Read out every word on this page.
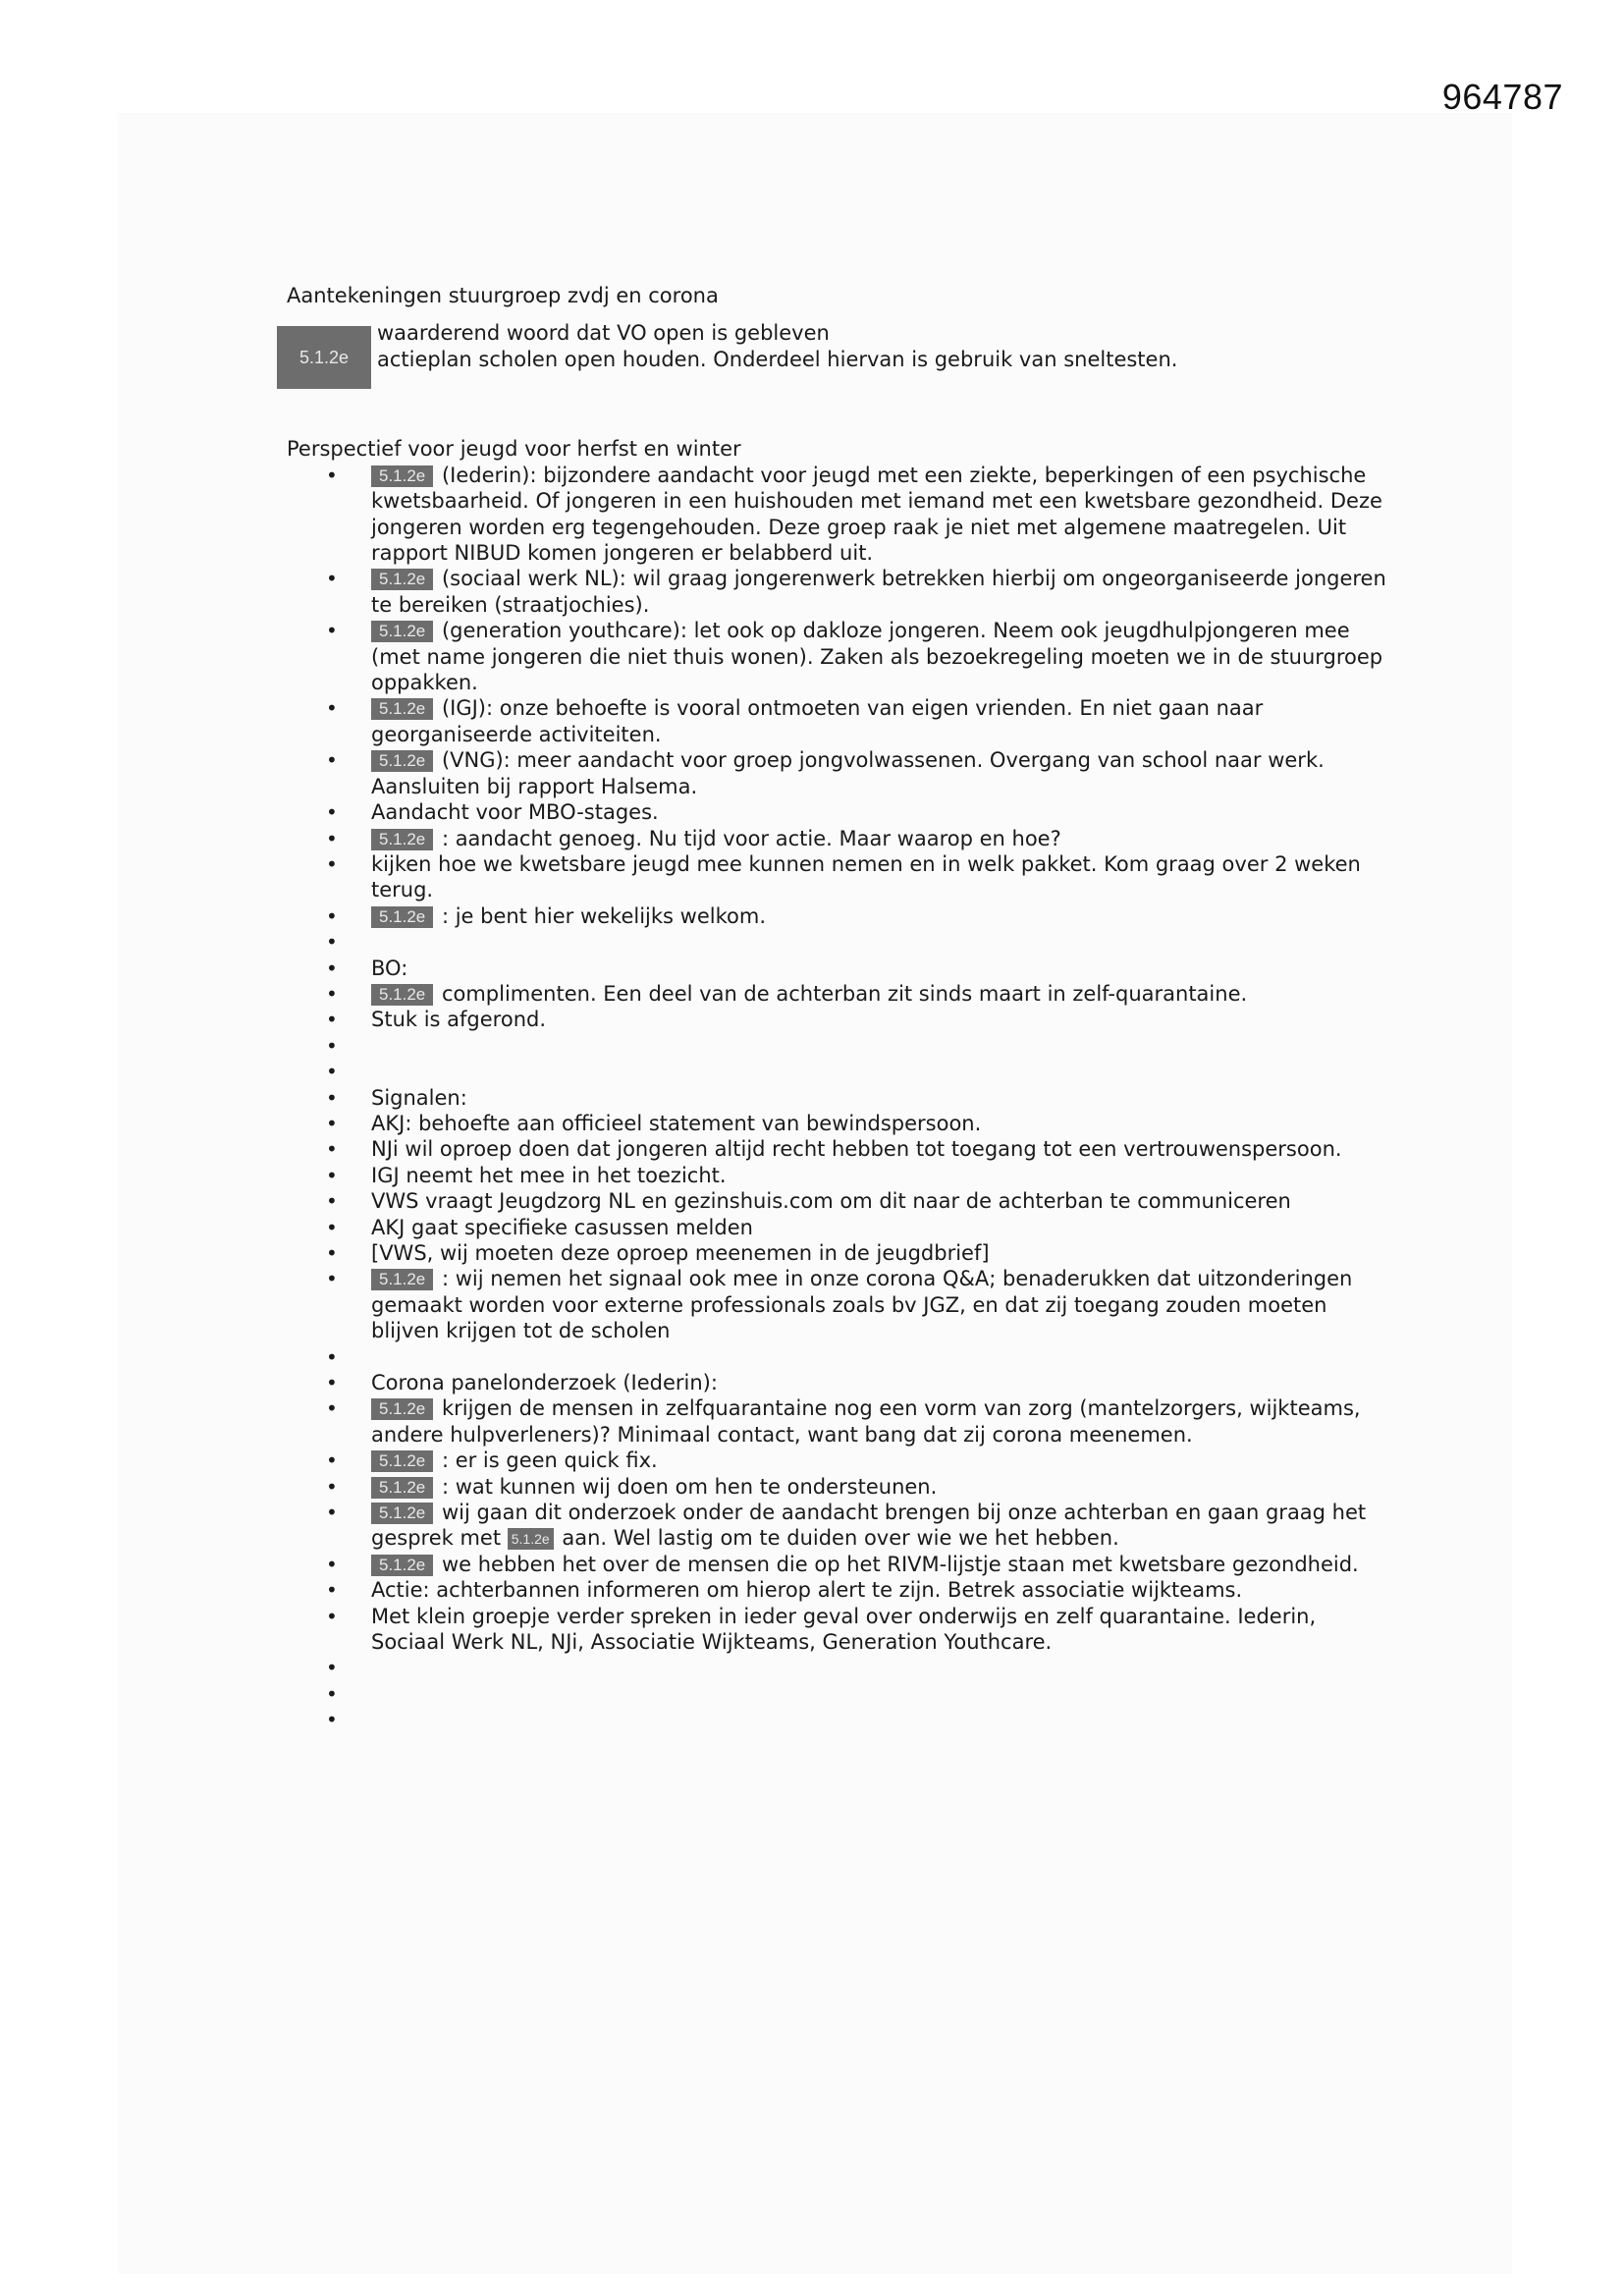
964787
Aantekeningen stuurgroep zvdj en corona
5.1.2e
waarderend woord dat VO open is gebleven
actieplan scholen open houden. Onderdeel hiervan is gebruik van sneltesten.
Perspectief voor jeugd voor herfst en winter
• 5.1.2e (Iederin): bijzondere aandacht voor jeugd met een ziekte, beperkingen of een psychische kwetsbaarheid. Of jongeren in een huishouden met iemand met een kwetsbare gezondheid. Deze jongeren worden erg tegengehouden. Deze groep raak je niet met algemene maatregelen. Uit rapport NIBUD komen jongeren er belabberd uit.
• 5.1.2e (sociaal werk NL): wil graag jongerenwerk betrekken hierbij om ongeorganiseerde jongeren te bereiken (straatjochies).
• 5.1.2e (generation youthcare): let ook op dakloze jongeren. Neem ook jeugdhulpjongeren mee (met name jongeren die niet thuis wonen). Zaken als bezoekregeling moeten we in de stuurgroep oppakken.
• 5.1.2e (IGJ): onze behoefte is vooral ontmoeten van eigen vrienden. En niet gaan naar georganiseerde activiteiten.
• 5.1.2e (VNG): meer aandacht voor groep jongvolwassenen. Overgang van school naar werk. Aansluiten bij rapport Halsema.
• Aandacht voor MBO-stages.
• 5.1.2e : aandacht genoeg. Nu tijd voor actie. Maar waarop en hoe?
• kijken hoe we kwetsbare jeugd mee kunnen nemen en in welk pakket. Kom graag over 2 weken terug.
• 5.1.2e : je bent hier wekelijks welkom.
•
• BO:
• 5.1.2e complimenten. Een deel van de achterban zit sinds maart in zelf-quarantaine.
• Stuk is afgerond.
•
•
• Signalen:
• AKJ: behoefte aan officieel statement van bewindspersoon.
• NJi wil oproep doen dat jongeren altijd recht hebben tot toegang tot een vertrouwenspersoon.
• IGJ neemt het mee in het toezicht.
• VWS vraagt Jeugdzorg NL en gezinshuis.com om dit naar de achterban te communiceren
• AKJ gaat specifieke casussen melden
• [VWS, wij moeten deze oproep meenemen in de jeugdbrief]
• 5.1.2e : wij nemen het signaal ook mee in onze corona Q&A; benaderukken dat uitzonderingen gemaakt worden voor externe professionals zoals bv JGZ, en dat zij toegang zouden moeten blijven krijgen tot de scholen
•
• Corona panelonderzoek (Iederin):
• 5.1.2e krijgen de mensen in zelfquarantaine nog een vorm van zorg (mantelzorgers, wijkteams, andere hulpverleners)? Minimaal contact, want bang dat zij corona meenemen.
• 5.1.2e : er is geen quick fix.
• 5.1.2e : wat kunnen wij doen om hen te ondersteunen.
• 5.1.2e wij gaan dit onderzoek onder de aandacht brengen bij onze achterban en gaan graag het gesprek met 5.1.2e aan. Wel lastig om te duiden over wie we het hebben.
• 5.1.2e we hebben het over de mensen die op het RIVM-lijstje staan met kwetsbare gezondheid.
• Actie: achterbannen informeren om hierop alert te zijn. Betrek associatie wijkteams.
• Met klein groepje verder spreken in ieder geval over onderwijs en zelf quarantaine. Iederin, Sociaal Werk NL, NJi, Associatie Wijkteams, Generation Youthcare.
•
•
•
